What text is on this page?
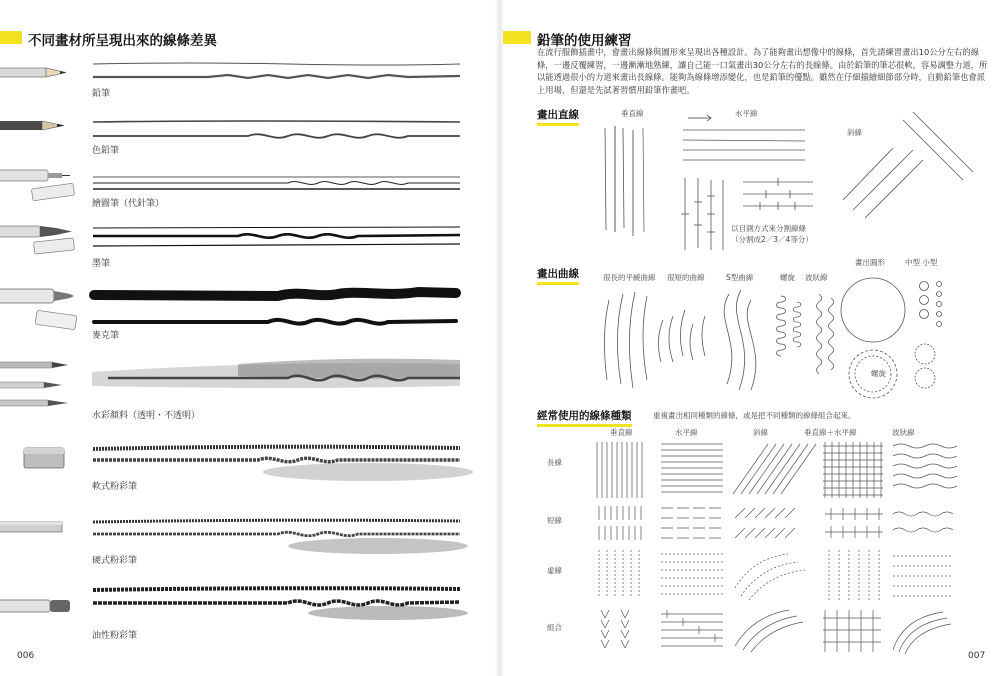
不同畫材所呈現出來的線條差異
鉛筆
色鉛筆
繪圖筆（代針筆）
墨筆
麥克筆
水彩顏料（透明・不透明）
軟式粉彩筆
硬式粉彩筆
油性粉彩筆
006
鉛筆的使用練習
在流行服飾插畫中，會畫出線條與圖形來呈現出各種設計。為了能夠畫出想像中的線條，首先請練習畫出10公分左右的線條，一邊反覆練習，一邊漸漸地熟練，讓自己能一口氣畫出30公分左右的長線條。由於鉛筆的筆芯很軟，容易調整力道，所以能透過很小的力道來畫出長線條。能夠為線條增添變化，也是鉛筆的優點。雖然在仔細描繪細節部分時，自動鉛筆也會派上用場，但還是先試著習慣用鉛筆作畫吧。
畫出直線	垂直線	水平線
斜線
以目測方式來分割線條
（分割成2／3／4等分）
畫出曲線	很長的平緩曲線 很短的曲線	S型曲線	螺旋 波狀線
畫出圓形	中型 小型
螺旋
經常使用的線條種類	重複畫出相同種類的線條，或是把不同種類的線條組合起來。
垂直線	水平線	斜線	垂直線＋水平線	波狀線
長線
短線
虛線
組合
007
